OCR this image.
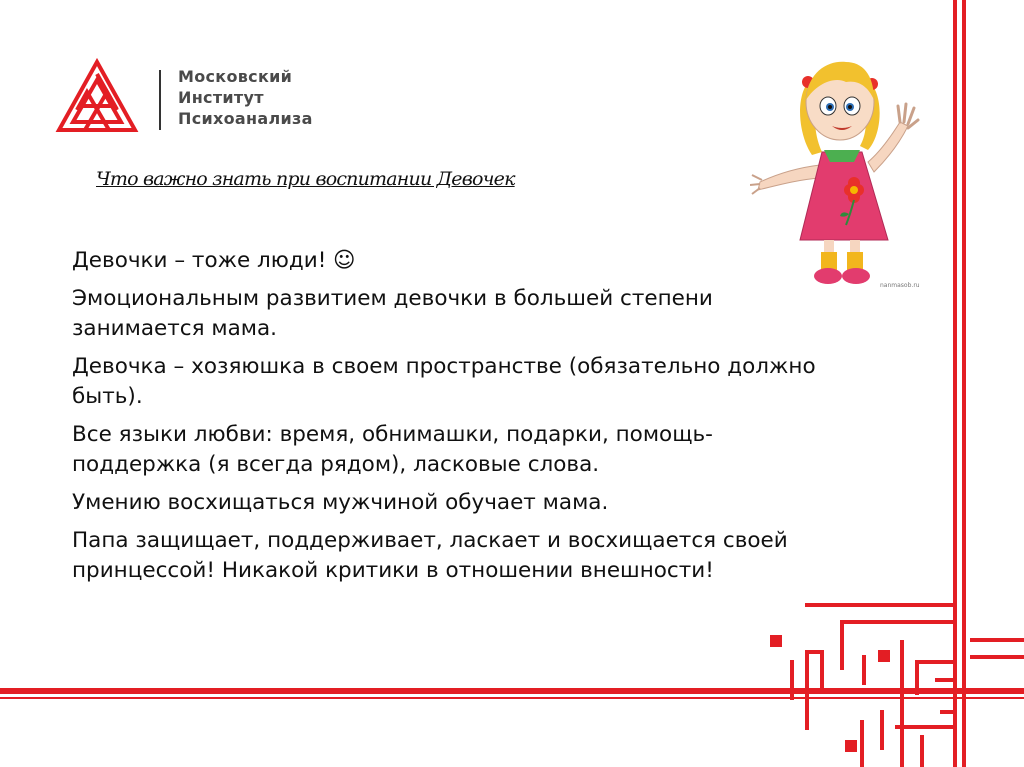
Московский
Институт
Психоанализа
Что важно знать при воспитании Девочек
Девочки – тоже люди! ☺
Эмоциональным развитием девочки в большей степени занимается мама.
Девочка – хозяюшка в своем пространстве (обязательно должно быть).
Все языки любви: время, обнимашки, подарки, помощь-поддержка (я всегда рядом), ласковые слова.
Умению восхищаться мужчиной обучает мама.
Папа защищает, поддерживает, ласкает и восхищается своей принцессой! Никакой критики в отношении внешности!
nanmasob.ru
